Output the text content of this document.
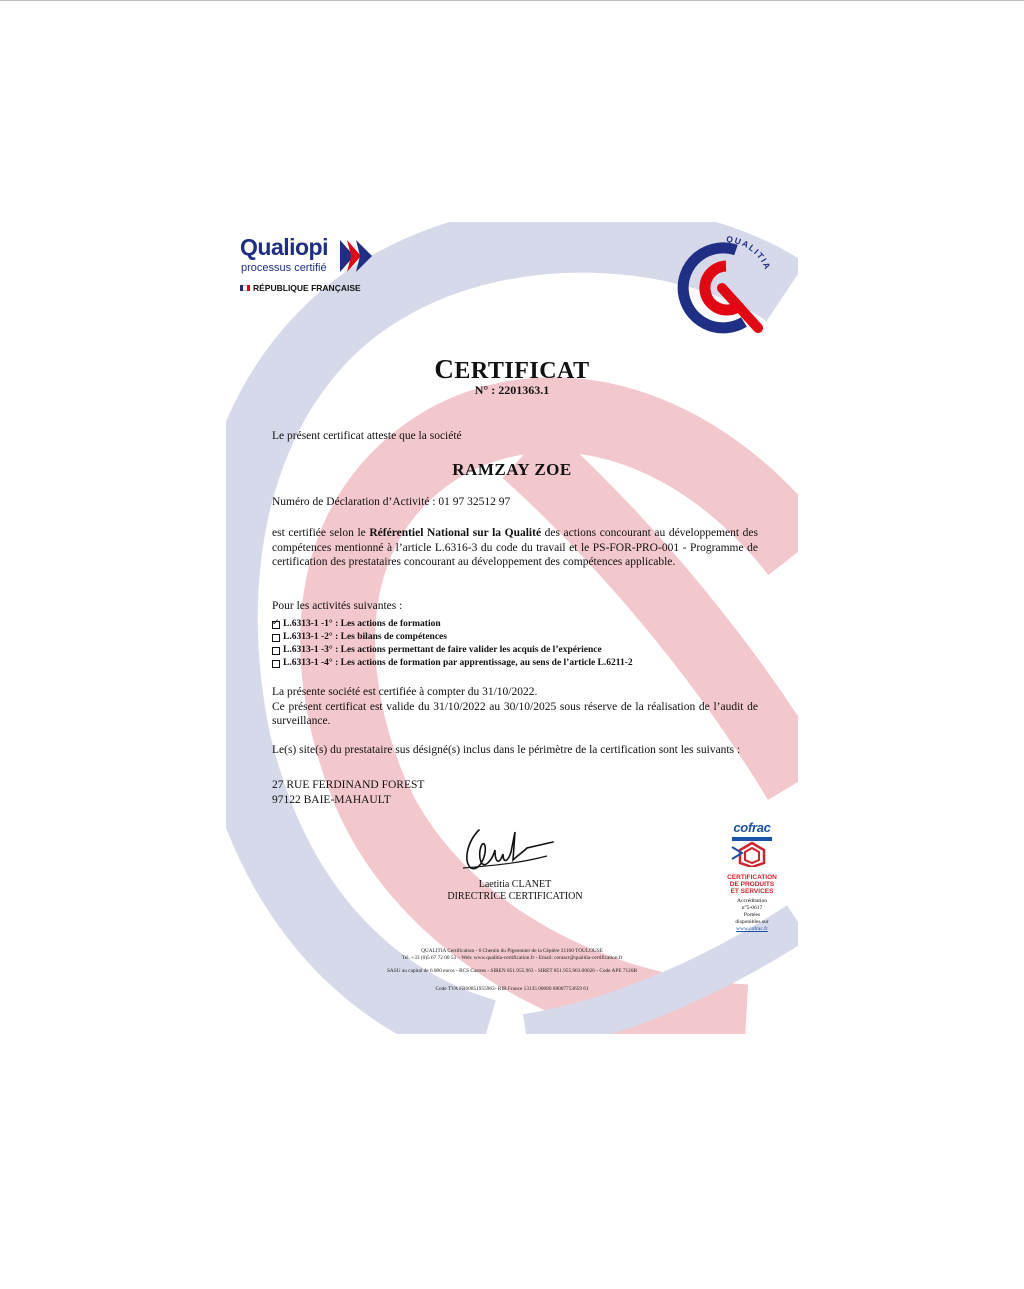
Qualiopi
processus certifié
RÉPUBLIQUE FRANÇAISE
QUALITIA
CERTIFICAT
N° : 2201363.1
Le présent certificat atteste que la société
RAMZAY ZOE
Numéro de Déclaration d’Activité : 01 97 32512 97
est certifiée selon le Référentiel National sur la Qualité des actions concourant au développement des compétences mentionné à l’article L.6316-3 du code du travail et le PS-FOR-PRO-001 - Programme de certification des prestataires concourant au développement des compétences applicable.
Pour les activités suivantes :
✓
L.6313-1 -1° : Les actions de formation
L.6313-1 -2° : Les bilans de compétences
L.6313-1 -3° : Les actions permettant de faire valider les acquis de l’expérience
L.6313-1 -4° : Les actions de formation par apprentissage, au sens de l’article L.6211-2
La présente société est certifiée à compter du 31/10/2022.
Ce présent certificat est valide du 31/10/2022 au 30/10/2025 sous réserve de la réalisation de l’audit de surveillance.
Le(s) site(s) du prestataire sus désigné(s) inclus dans le périmètre de la certification sont les suivants :
27 RUE FERDINAND FOREST
97122 BAIE-MAHAULT
Laetitia CLANET
DIRECTRICE CERTIFICATION
cofrac
CERTIFICATION
DE PRODUITS
ET SERVICES
Accréditation
n°5-0617
Portées
disponibles sur
www.cofrac.fr
QUALITIA Certification - 6 Chemin du Pigeonnier de la Cépière 31100 TOULOUSE
Tél. +33 (0)5 67 72 00 53 – Web: www.qualitia-certification.fr - Email: contact@qualitia-certification.fr
SASU au capital de 6 000 euros - RCS Castres - SIREN 851.955.963 - SIRET 851.955.963.00026 - Code APE 7120B
Code TVA FR60851955963- RIB France 13135 00080 08007753659 61
